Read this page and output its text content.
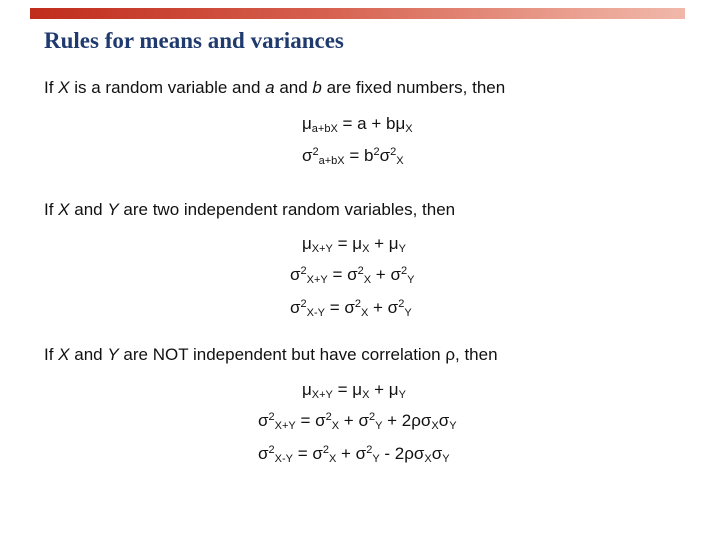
Rules for means and variances
If X is a random variable and a and b are fixed numbers, then
$\mu_{a+bX} = a + b\mu_X$
$\sigma^2_{a+bX} = b^2\sigma^2_X$
If X and Y are two independent random variables, then
$\mu_{X+Y} = \mu_X + \mu_Y$
$\sigma^2_{X+Y} = \sigma^2_X + \sigma^2_Y$
$\sigma^2_{X-Y} = \sigma^2_X + \sigma^2_Y$
If X and Y are NOT independent but have correlation ρ, then
$\mu_{X+Y} = \mu_X + \mu_Y$
$\sigma^2_{X+Y} = \sigma^2_X + \sigma^2_Y + 2\rho\sigma_X\sigma_Y$
$\sigma^2_{X-Y} = \sigma^2_X + \sigma^2_Y - 2\rho\sigma_X\sigma_Y$
